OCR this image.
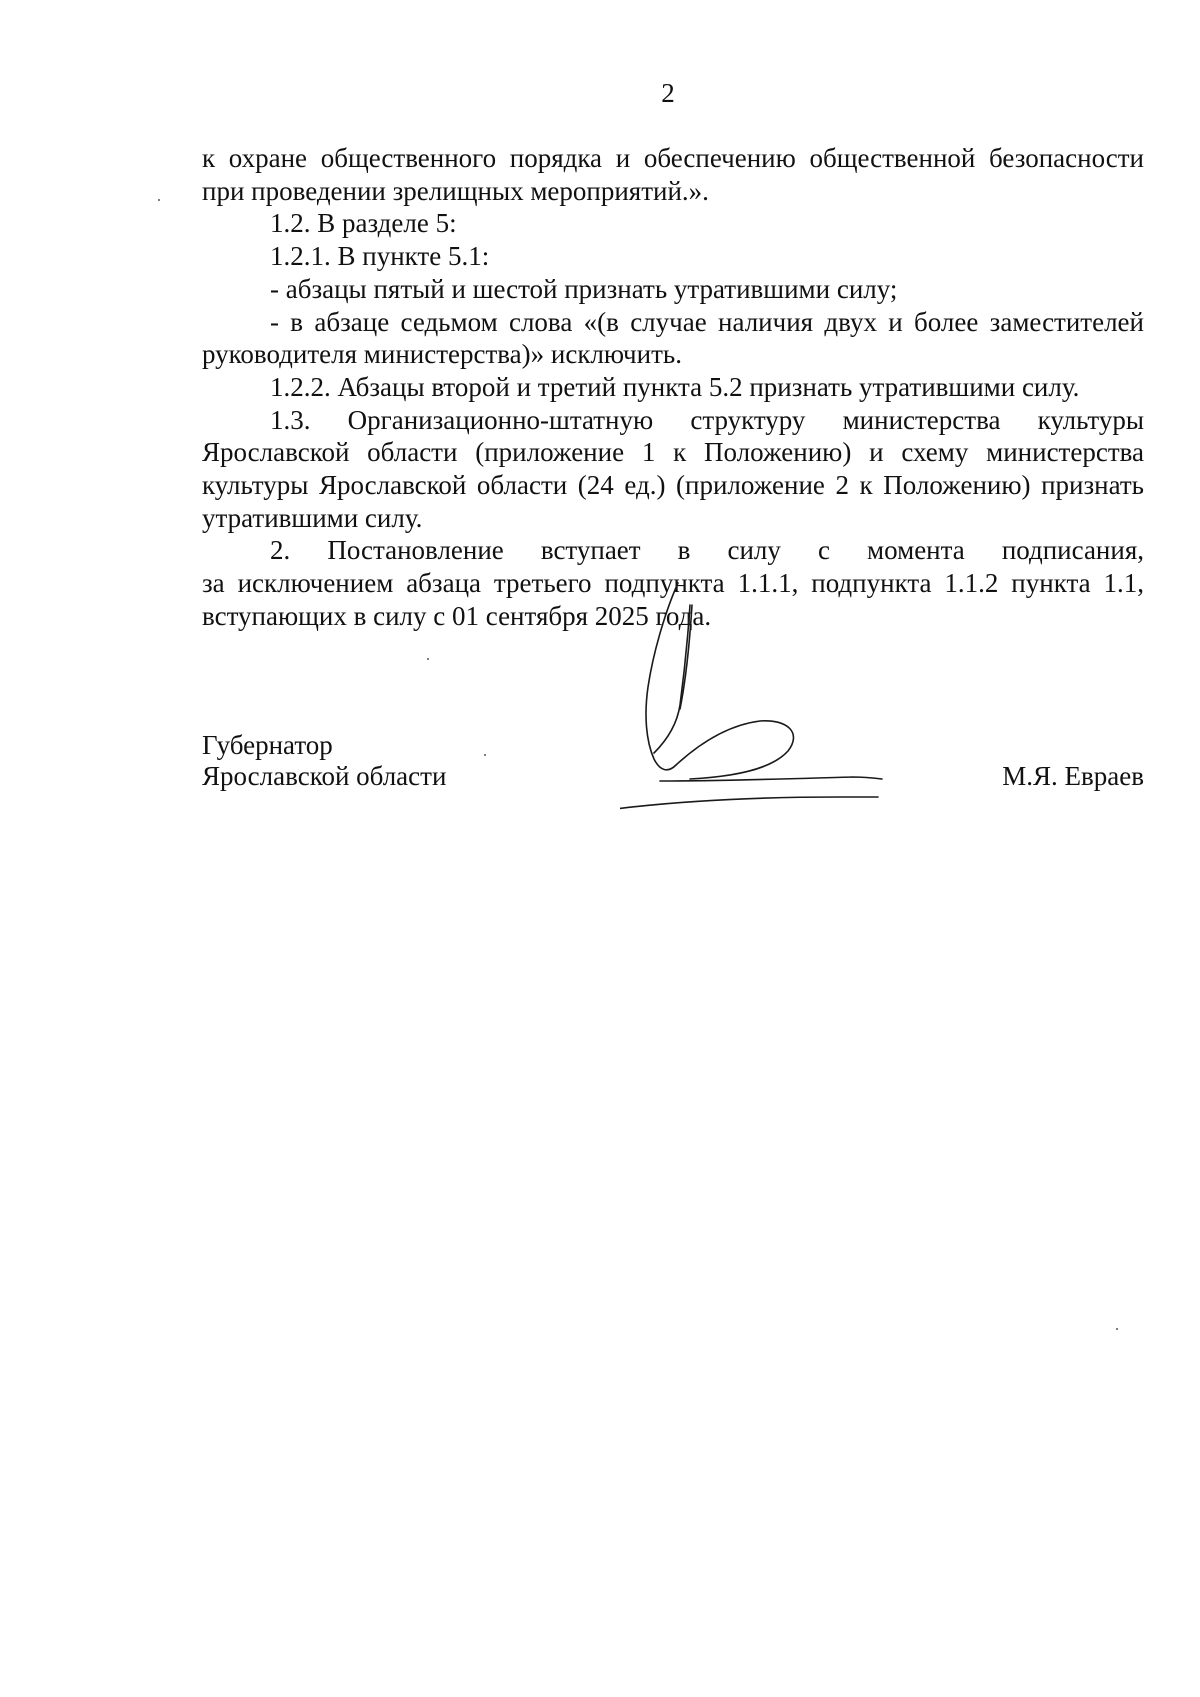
2

к охране общественного порядка и обеспечению общественной безопасности при проведении зрелищных мероприятий.».

1.2. В разделе 5:

1.2.1. В пункте 5.1:

- абзацы пятый и шестой признать утратившими силу;

- в абзаце седьмом слова «(в случае наличия двух и более заместителей руководителя министерства)» исключить.

1.2.2. Абзацы второй и третий пункта 5.2 признать утратившими силу.

1.3. Организационно-штатную структуру министерства культуры Ярославской области (приложение 1 к Положению) и схему министерства культуры Ярославской области (24 ед.) (приложение 2 к Положению) признать утратившими силу.

2. Постановление вступает в силу с момента подписания,

за исключением абзаца третьего подпункта 1.1.1, подпункта 1.1.2 пункта 1.1, вступающих в силу с 01 сентября 2025 года.

Губернатор
Ярославской области	М.Я. Евраев
